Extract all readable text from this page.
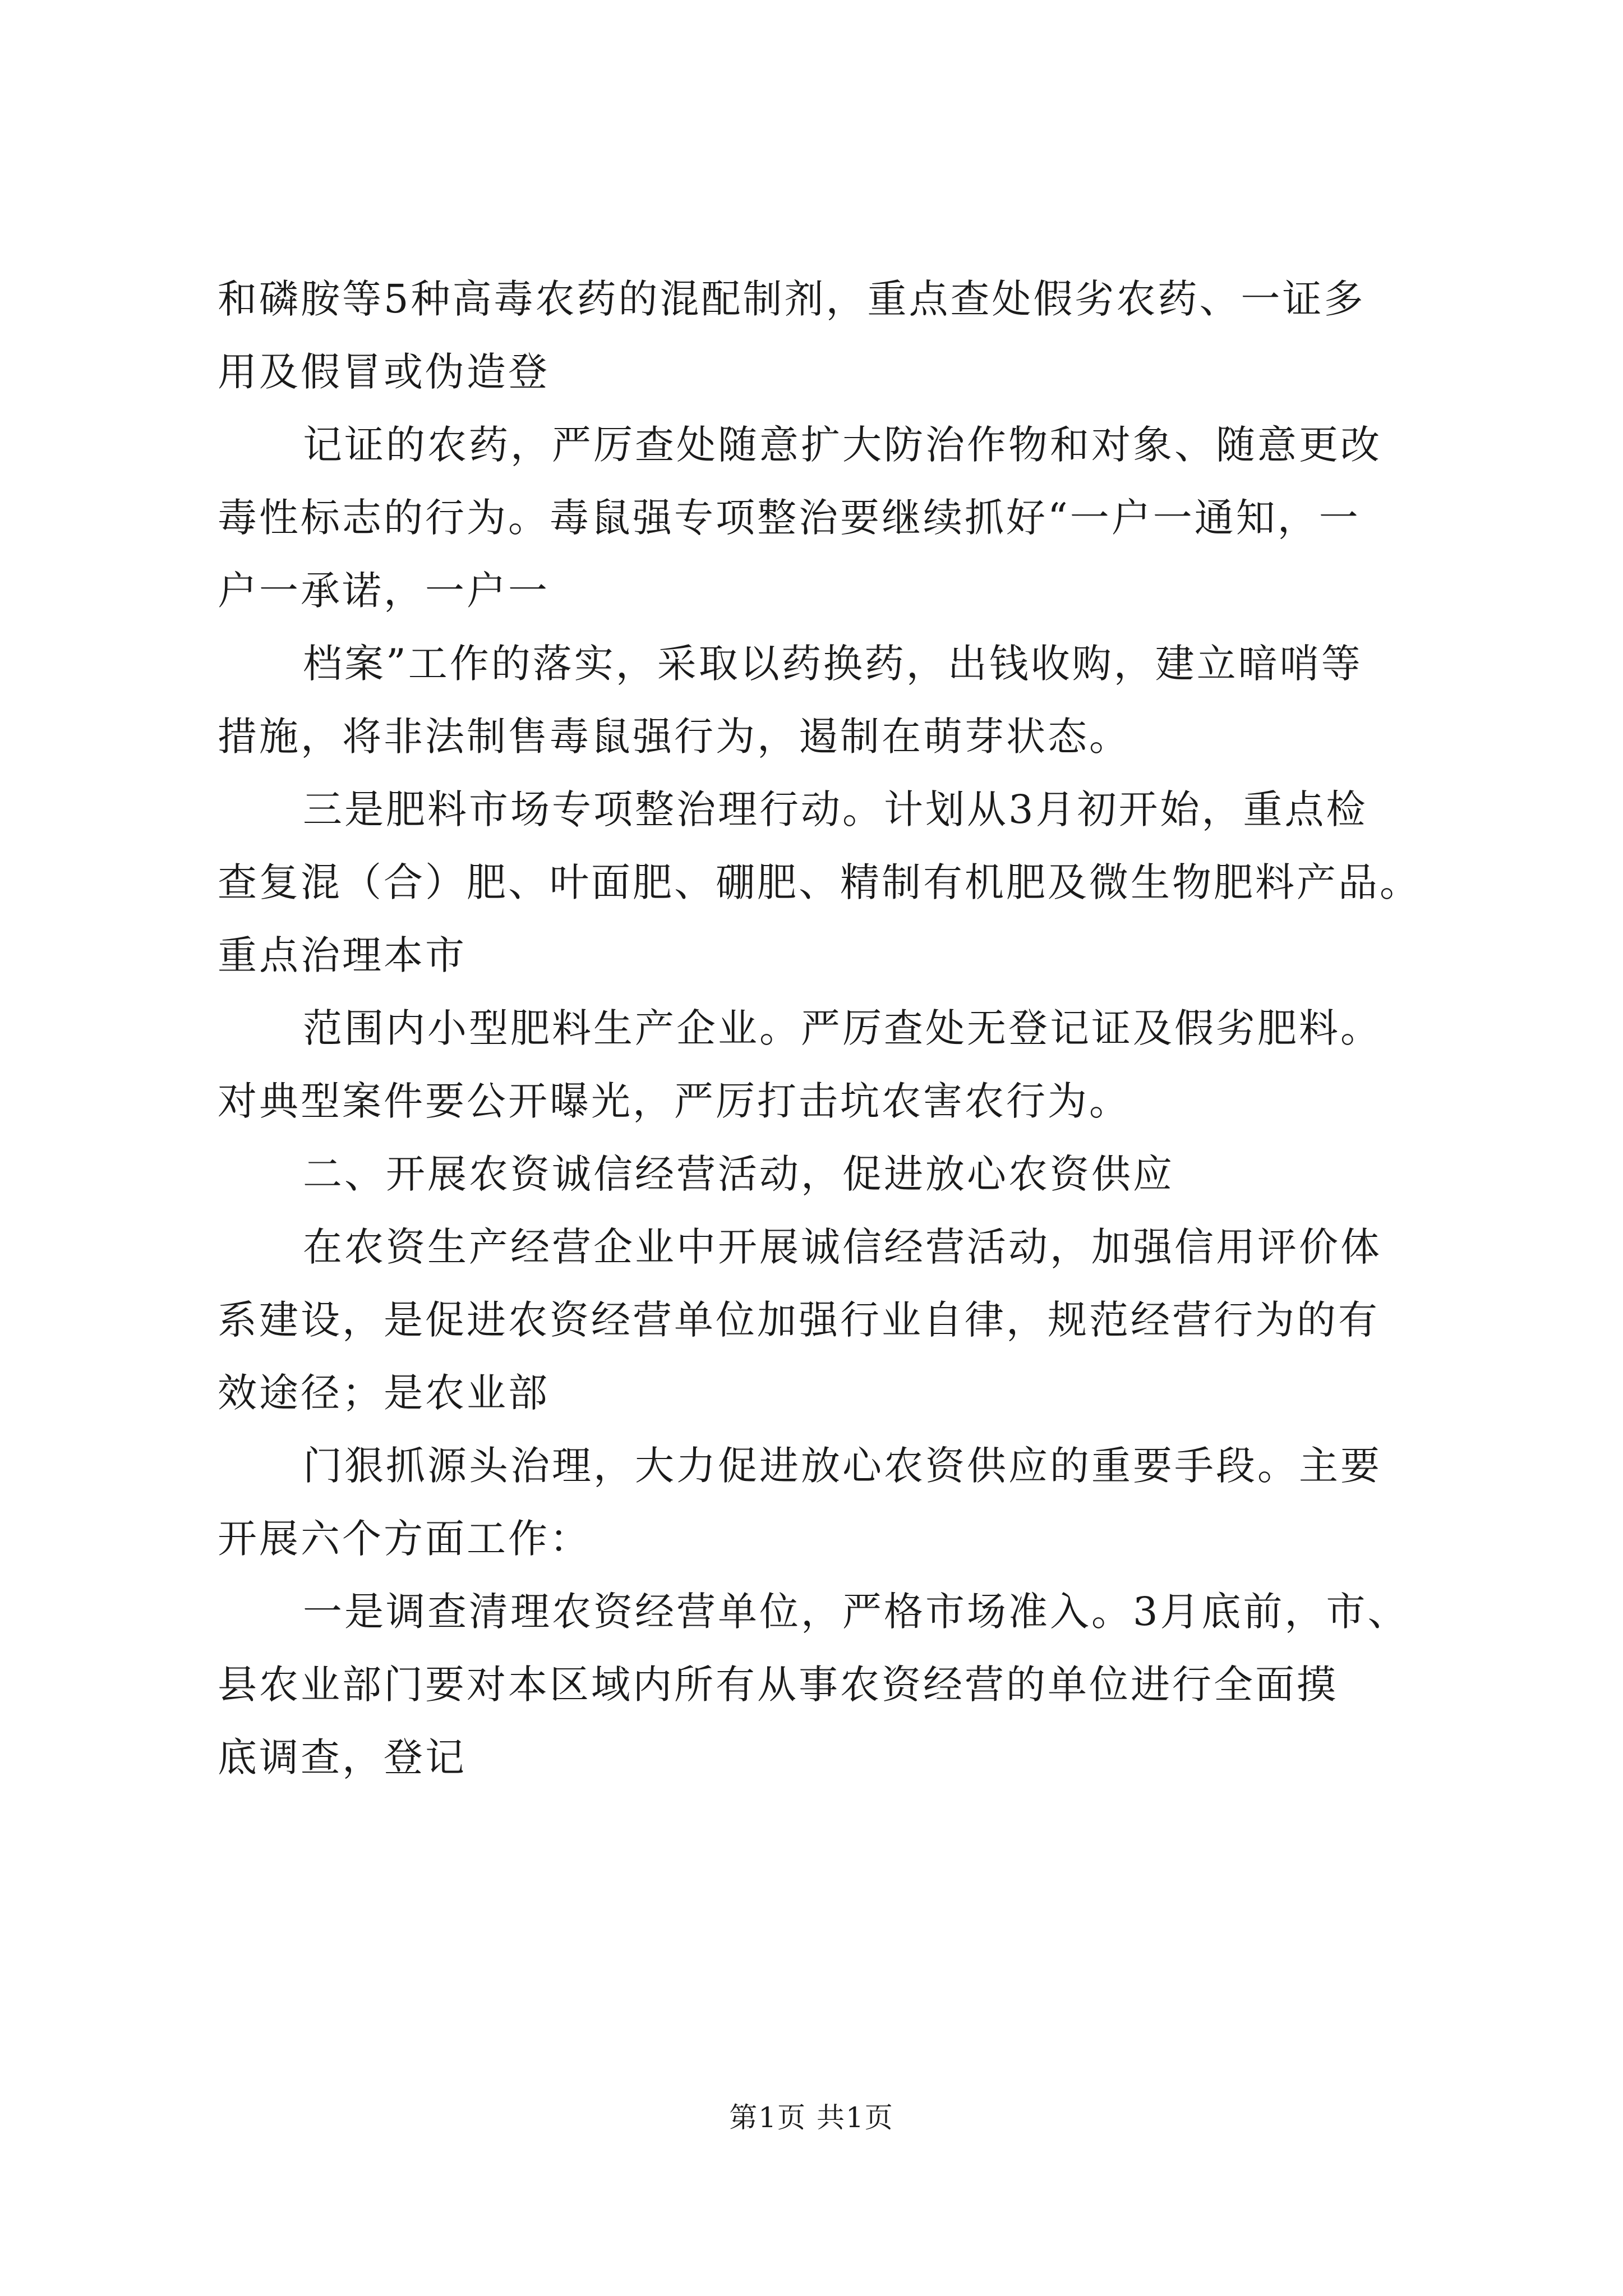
和磷胺等5种高毒农药的混配制剂，重点查处假劣农药、一证多

用及假冒或伪造登

记证的农药，严厉查处随意扩大防治作物和对象、随意更改

毒性标志的行为。毒鼠强专项整治要继续抓好“一户一通知，一

户一承诺，一户一

档案”工作的落实，采取以药换药，出钱收购，建立暗哨等

措施，将非法制售毒鼠强行为，遏制在萌芽状态。

三是肥料市场专项整治理行动。计划从3月初开始，重点检

查复混（合）肥、叶面肥、硼肥、精制有机肥及微生物肥料产品。

重点治理本市

范围内小型肥料生产企业。严厉查处无登记证及假劣肥料。

对典型案件要公开曝光，严厉打击坑农害农行为。

二、开展农资诚信经营活动，促进放心农资供应

在农资生产经营企业中开展诚信经营活动，加强信用评价体

系建设，是促进农资经营单位加强行业自律，规范经营行为的有

效途径；是农业部

门狠抓源头治理，大力促进放心农资供应的重要手段。主要

开展六个方面工作：

一是调查清理农资经营单位，严格市场准入。3月底前，市、

县农业部门要对本区域内所有从事农资经营的单位进行全面摸

底调查，登记

第1页 共1页
